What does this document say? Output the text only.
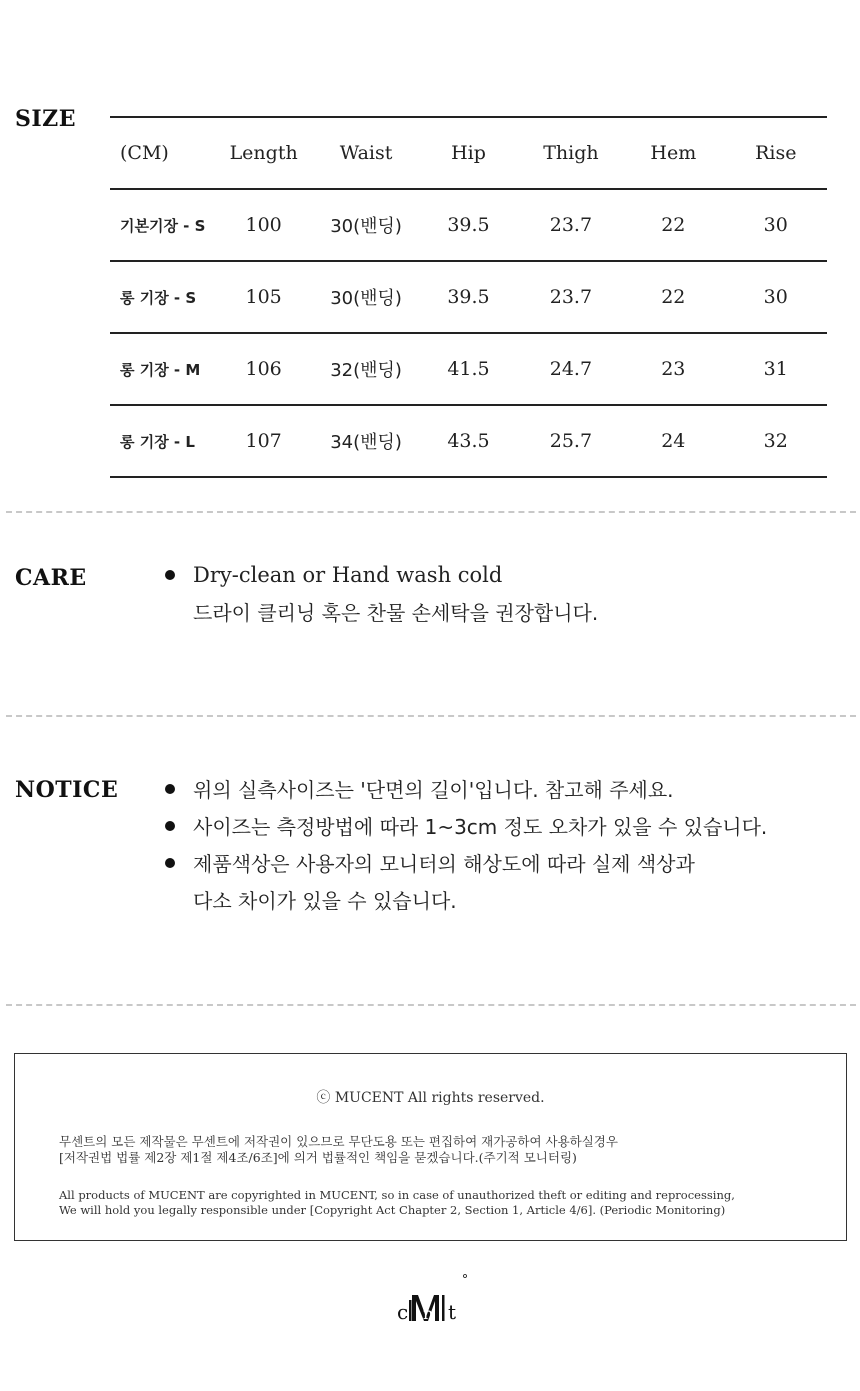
SIZE
(CM)	Length	Waist	Hip	Thigh	Hem	Rise
기본기장 - S	100	30(밴딩)	39.5	23.7	22	30
롱 기장 - S	105	30(밴딩)	39.5	23.7	22	30
롱 기장 - M	106	32(밴딩)	41.5	24.7	23	31
롱 기장 - L	107	34(밴딩)	43.5	25.7	24	32
CARE	Dry-clean or Hand wash cold
드라이 클리닝 혹은 찬물 손세탁을 권장합니다.
NOTICE	위의 실측사이즈는 '단면의 길이'입니다. 참고해 주세요.
사이즈는 측정방법에 따라 1~3cm 정도 오차가 있을 수 있습니다.
제품색상은 사용자의 모니터의 해상도에 따라 실제 색상과
다소 차이가 있을 수 있습니다.
ⓒ MUCENT All rights reserved.
무센트의 모든 제작물은 무센트에 저작권이 있으므로 무단도용 또는 편집하여 재가공하여 사용하실경우
[저작권법 법률 제2장 제1절 제4조/6조]에 의거 법률적인 책임을 묻겠습니다.(주기적 모니터링)
All products of MUCENT are copyrighted in MUCENT, so in case of unauthorized theft or editing and reprocessing,
We will hold you legally responsible under [Copyright Act Chapter 2, Section 1, Article 4/6]. (Periodic Monitoring)
c n t
